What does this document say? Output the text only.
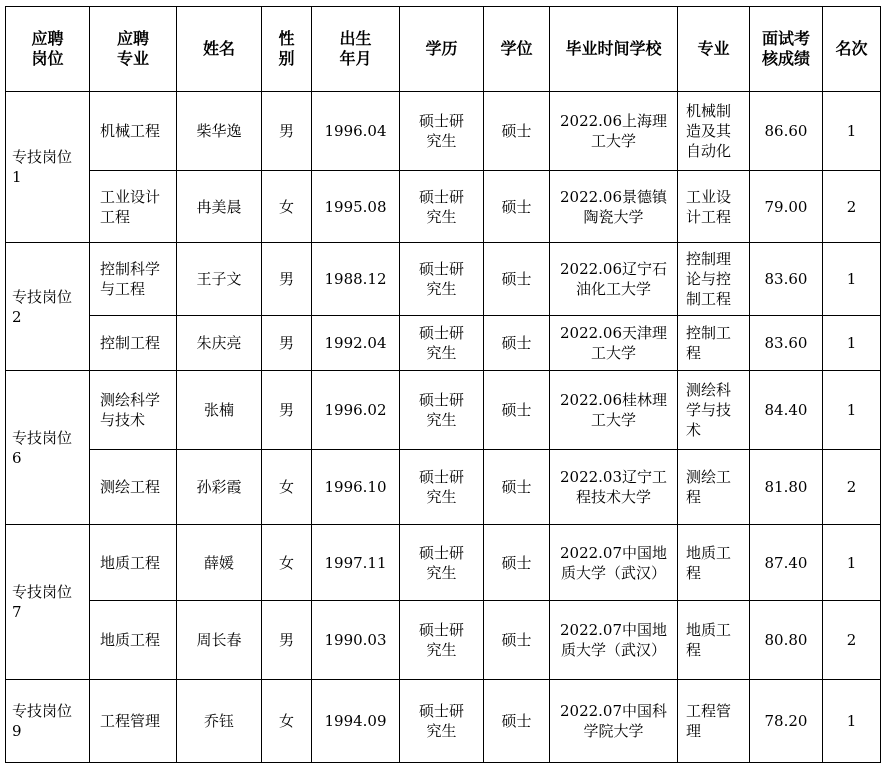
应聘
岗位	应聘
专业	姓名	性
别	出生
年月	学历	学位	毕业时间学校	专业	面试考
核成绩	名次
专技岗位
1	机械工程	柴华逸	男	1996.04	硕士研
究生	硕士	2022.06上海理
工大学	机械制
造及其
自动化	86.60	1
	工业设计
工程	冉美晨	女	1995.08	硕士研
究生	硕士	2022.06景德镇
陶瓷大学	工业设
计工程	79.00	2
专技岗位
2	控制科学
与工程	王子文	男	1988.12	硕士研
究生	硕士	2022.06辽宁石
油化工大学	控制理
论与控
制工程	83.60	1
	控制工程	朱庆亮	男	1992.04	硕士研
究生	硕士	2022.06天津理
工大学	控制工
程	83.60	1
专技岗位
6	测绘科学
与技术	张楠	男	1996.02	硕士研
究生	硕士	2022.06桂林理
工大学	测绘科
学与技
术	84.40	1
	测绘工程	孙彩霞	女	1996.10	硕士研
究生	硕士	2022.03辽宁工
程技术大学	测绘工
程	81.80	2
专技岗位
7	地质工程	薛媛	女	1997.11	硕士研
究生	硕士	2022.07中国地
质大学（武汉）	地质工
程	87.40	1
	地质工程	周长春	男	1990.03	硕士研
究生	硕士	2022.07中国地
质大学（武汉）	地质工
程	80.80	2
专技岗位
9	工程管理	乔钰	女	1994.09	硕士研
究生	硕士	2022.07中国科
学院大学	工程管
理	78.20	1
